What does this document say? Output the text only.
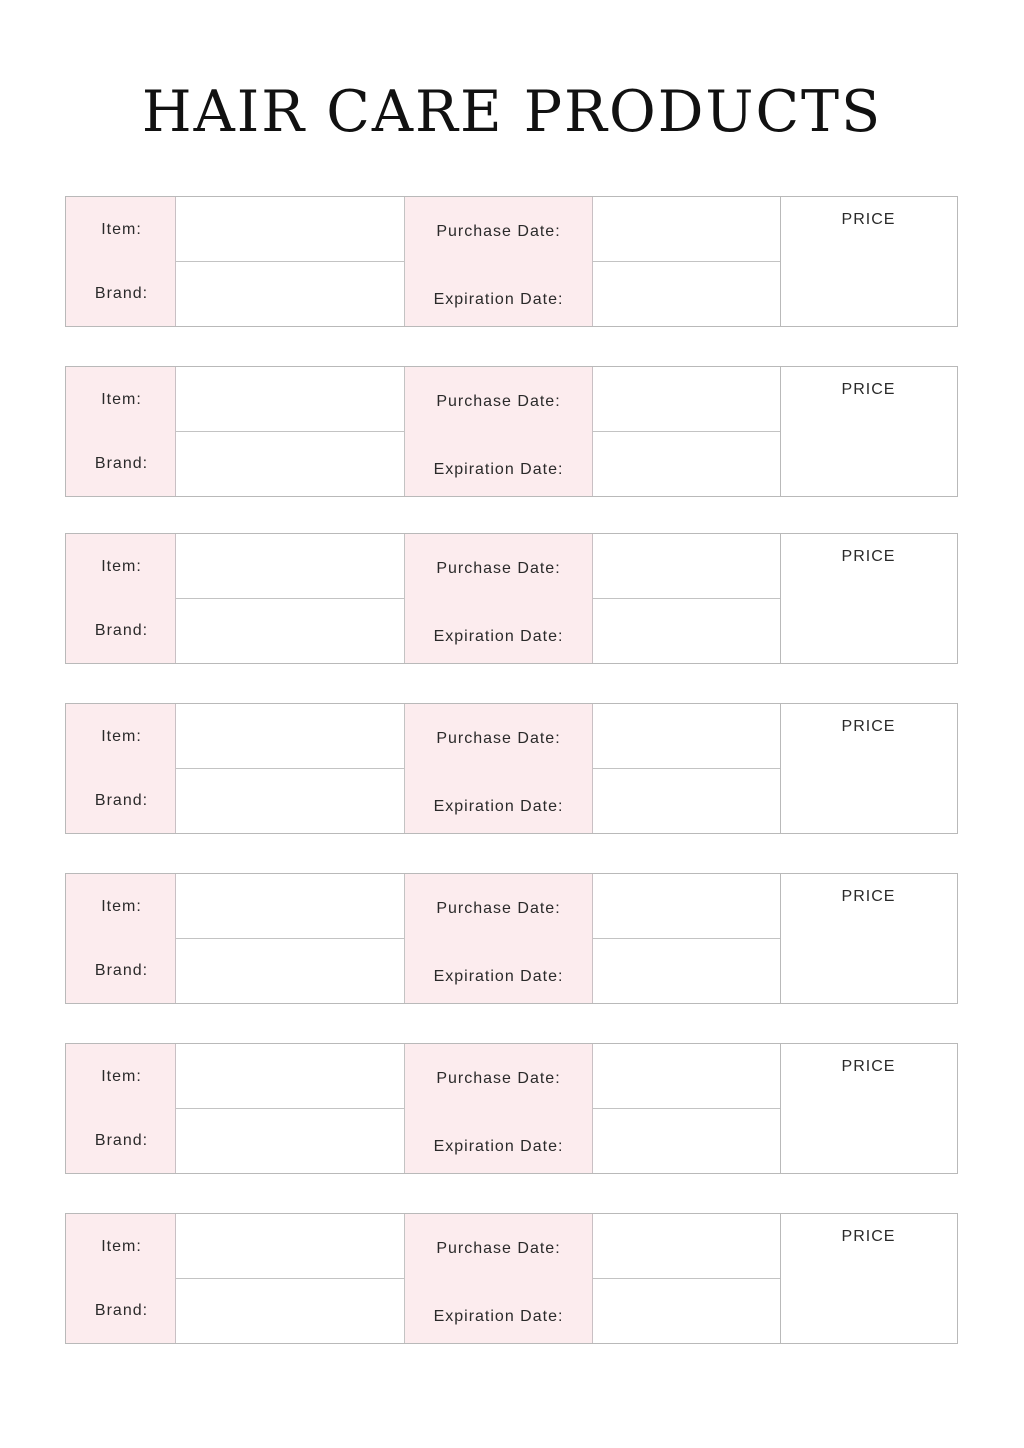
HAIR CARE PRODUCTS
Item:
Brand:
Purchase Date:
Expiration Date:
PRICE
Item:
Brand:
Purchase Date:
Expiration Date:
PRICE
Item:
Brand:
Purchase Date:
Expiration Date:
PRICE
Item:
Brand:
Purchase Date:
Expiration Date:
PRICE
Item:
Brand:
Purchase Date:
Expiration Date:
PRICE
Item:
Brand:
Purchase Date:
Expiration Date:
PRICE
Item:
Brand:
Purchase Date:
Expiration Date:
PRICE
